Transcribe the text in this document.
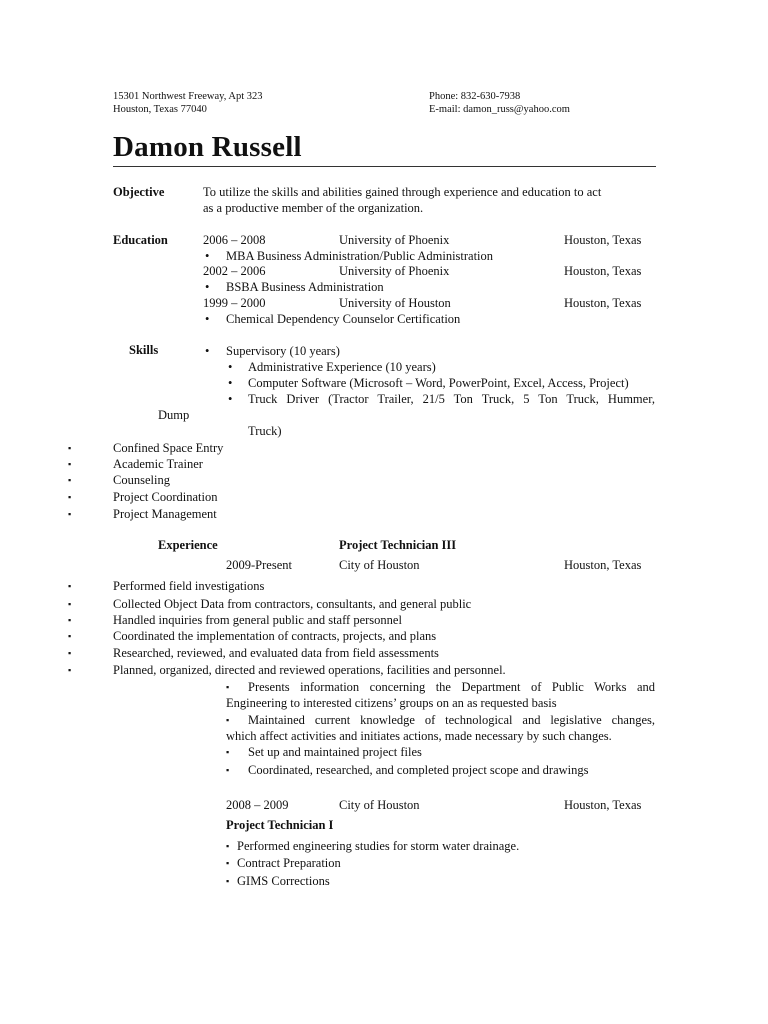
15301 Northwest Freeway, Apt 323
Houston, Texas 77040
Phone: 832-630-7938
E-mail: damon_russ@yahoo.com
Damon Russell
Objective	To utilize the skills and abilities gained through experience and education to act
as a productive member of the organization.
Education	2006 – 2008	University of Phoenix	Houston, Texas
• MBA Business Administration/Public Administration
2002 – 2006	University of Phoenix	Houston, Texas
• BSBA Business Administration
1999 – 2000	University of Houston	Houston, Texas
• Chemical Dependency Counselor Certification
Skills	• Supervisory (10 years)
• Administrative Experience (10 years)
• Computer Software (Microsoft – Word, PowerPoint, Excel, Access, Project)
• Truck Driver (Tractor Trailer, 21/5 Ton Truck, 5 Ton Truck, Hummer,
Dump
Truck)
▪	Confined Space Entry
▪	Academic Trainer
▪	Counseling
▪	Project Coordination
▪	Project Management
Experience	Project Technician III
2009-Present	City of Houston	Houston, Texas
▪	Performed field investigations
▪	Collected Object Data from contractors, consultants, and general public
▪	Handled inquiries from general public and staff personnel
▪	Coordinated the implementation of contracts, projects, and plans
▪	Researched, reviewed, and evaluated data from field assessments
▪	Planned, organized, directed and reviewed operations, facilities and personnel.
▪ Presents information concerning the Department of Public Works and
Engineering to interested citizens’ groups on an as requested basis
▪ Maintained current knowledge of technological and legislative changes,
which affect activities and initiates actions, made necessary by such changes.
▪ Set up and maintained project files
▪ Coordinated, researched, and completed project scope and drawings
2008 – 2009	City of Houston	Houston, Texas
Project Technician I
▪ Performed engineering studies for storm water drainage.
▪ Contract Preparation
▪ GIMS Corrections
